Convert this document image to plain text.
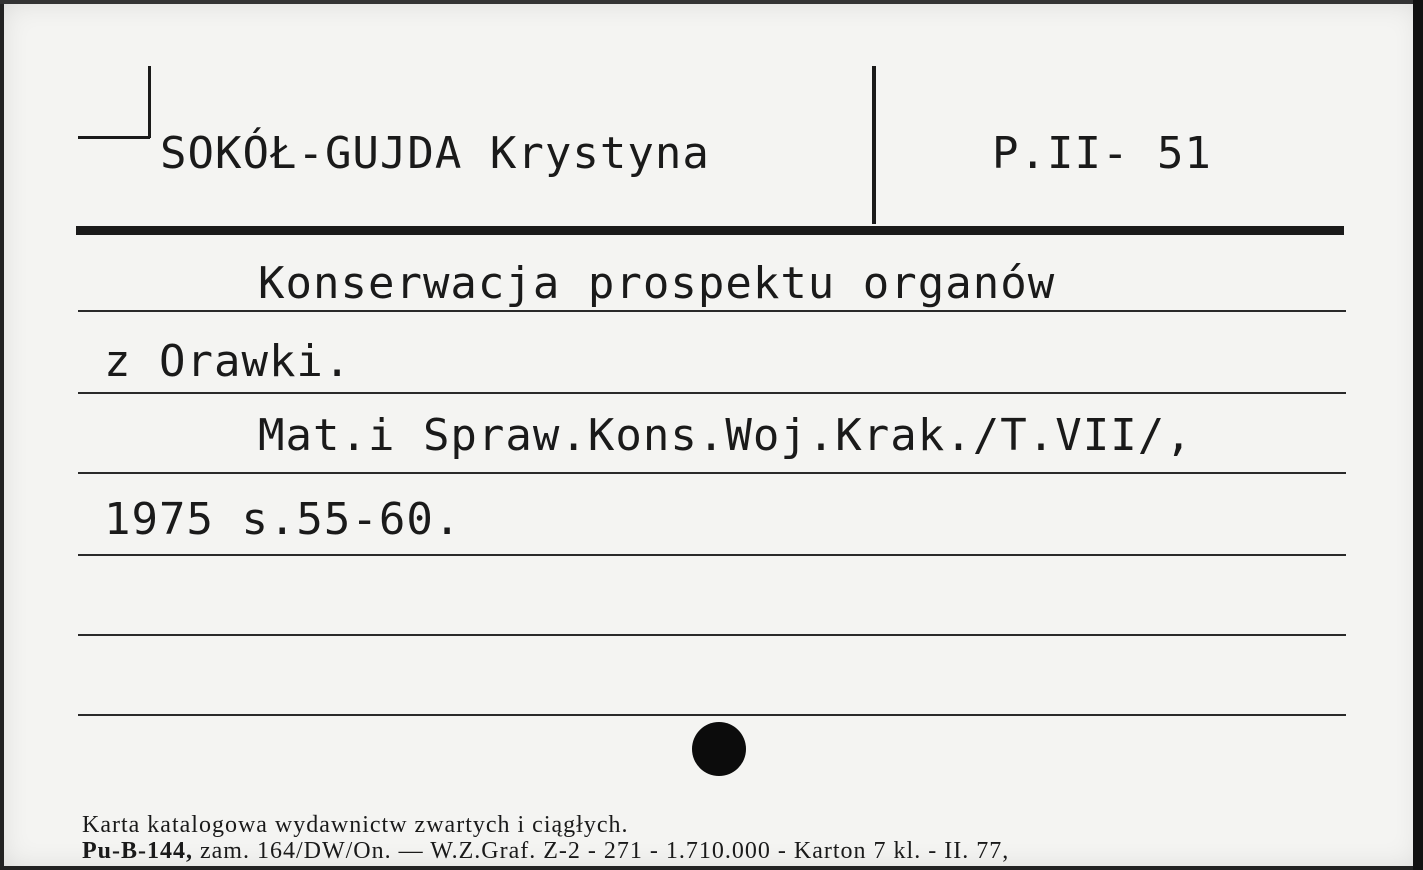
SOKÓŁ-GUJDA Krystyna	P.II- 51
Konserwacja prospektu organów
z Orawki.
Mat.i Spraw.Kons.Woj.Krak./T.VII/,
1975 s.55-60.
Karta katalogowa wydawnictw zwartych i ciągłych.
Pu-B-144, zam. 164/DW/On. — W.Z.Graf. Z-2 - 271 - 1.710.000 - Karton 7 kl. - II. 77,
